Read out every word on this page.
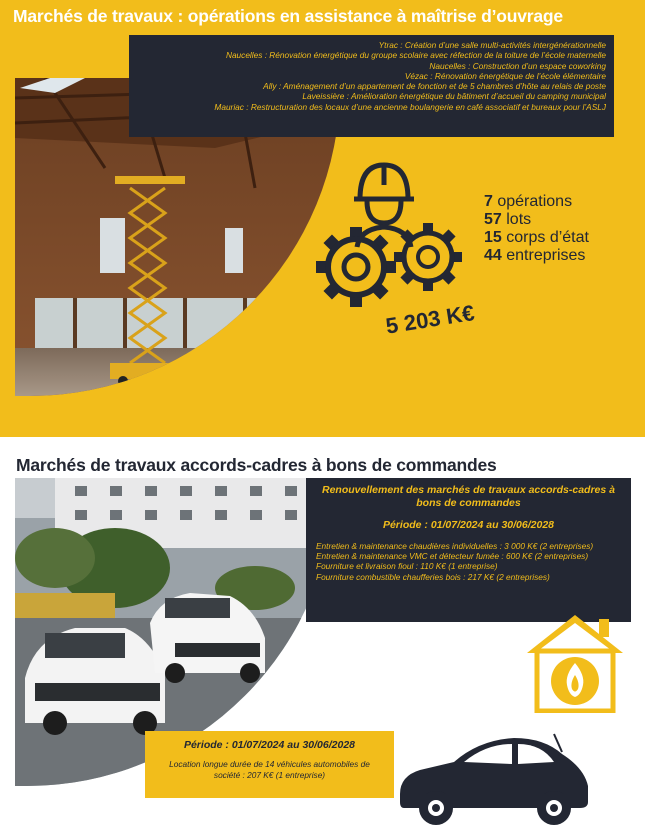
Marchés de travaux : opérations en assistance à maîtrise d’ouvrage
Ytrac : Création d’une salle multi-activités intergénérationnelle
Naucelles : Rénovation énergétique du groupe scolaire avec réfection de la toiture de l’école maternelle
Naucelles : Construction d’un espace coworking
Vézac : Rénovation énergétique de l’école élémentaire
Ally : Aménagement d’un appartement de fonction et de 5 chambres d’hôte au relais de poste
Laveissière : Amélioration énergétique du bâtiment d’accueil du camping municipal
Mauriac : Restructuration des locaux d’une ancienne boulangerie en café associatif et bureaux pour l’ASLJ
7 opérations
57 lots
15 corps d’état
44 entreprises
5 203 K€
Marchés de travaux accords-cadres à bons de commandes
Renouvellement des marchés de travaux accords-cadres à bons de commandes
Période : 01/07/2024 au 30/06/2028
Entretien & maintenance chaudières individuelles : 3 000 K€ (2 entreprises)
Entretien & maintenance VMC et détecteur fumée : 600 K€ (2 entreprises)
Fourniture et livraison fioul : 110 K€ (1 entreprise)
Fourniture combustible chaufferies bois : 217 K€ (2 entreprises)
Période : 01/07/2024 au 30/06/2028
Location longue durée de 14 véhicules automobiles de société : 207 K€ (1 entreprise)
